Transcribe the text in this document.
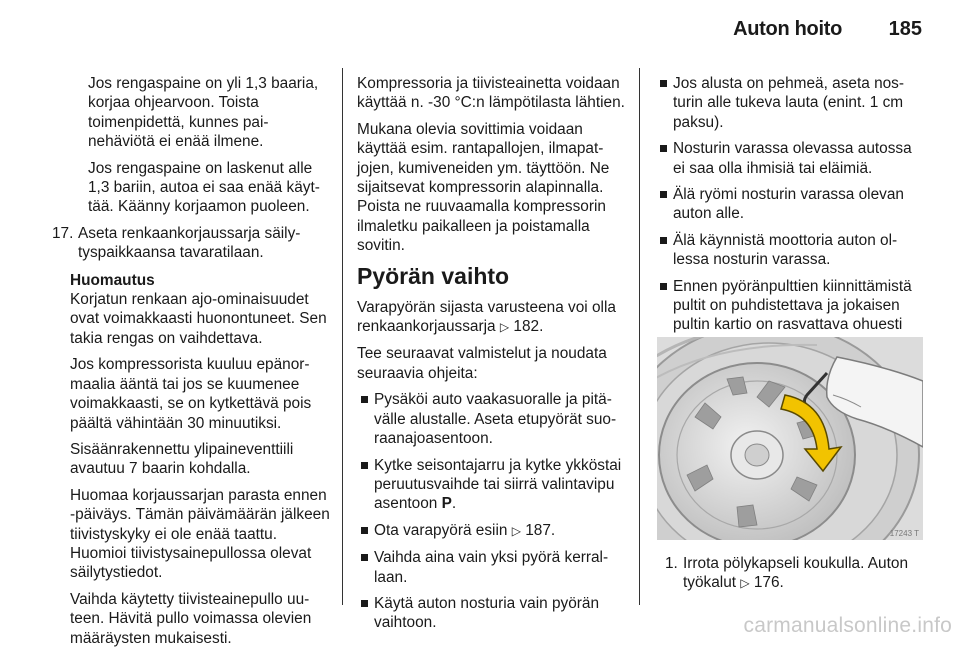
Auton hoito 185

Jos rengaspaine on yli 1,3 baaria, korjaa ohjearvoon. Toista toimenpidettä, kunnes painehäviötä ei enää ilmene.

Jos rengaspaine on laskenut alle 1,3 bariin, autoa ei saa enää käyttää. Käänny korjaamon puoleen.

17. Aseta renkaankorjaussarja säilytyspaikkaansa tavaratilaan.
Huomautus

Korjatun renkaan ajo-ominaisuudet ovat voimakkaasti huonontuneet. Sen takia rengas on vaihdettava.

Jos kompressorista kuuluu epänormaalia ääntä tai jos se kuumenee voimakkaasti, se on kytkettävä pois päältä vähintään 30 minuutiksi.

Sisäänrakennettu ylipaineventtiili avautuu 7 baarin kohdalla.

Huomaa korjaussarjan parasta ennen -päiväys. Tämän päivämäärän jälkeen tiivistyskyky ei ole enää taattu. Huomioi tiivistysainepullossa olevat säilytystiedot.

Vaihda käytetty tiivisteainepullo uuteen. Hävitä pullo voimassa olevien määräysten mukaisesti.

Kompressoria ja tiivisteainetta voidaan käyttää n. -30 °C:n lämpötilasta lähtien.

Mukana olevia sovittimia voidaan käyttää esim. rantapallojen, ilmapatjojen, kumiveneiden ym. täyttöön. Ne sijaitsevat kompressorin alapinnalla. Poista ne ruuvaamalla kompressorin ilmaletku paikalleen ja poistamalla sovitin.

Pyörän vaihto

Varapyörän sijasta varusteena voi olla renkaankorjaussarja ▷ 182.

Tee seuraavat valmistelut ja noudata seuraavia ohjeita:

Pysäköi auto vaakasuoralle ja pitävälle alustalle. Aseta etupyörät suoraanajoasentoon.
Kytke seisontajarru ja kytke ykköstai peruutusvaihde tai siirrä valintavipu asentoon P.
Ota varapyörä esiin ▷ 187.
Vaihda aina vain yksi pyörä kerrallaan.
Käytä auton nosturia vain pyörän vaihtoon.
Jos alusta on pehmeä, aseta nosturin alle tukeva lauta (enint. 1 cm paksu).
Nosturin varassa olevassa autossa ei saa olla ihmisiä tai eläimiä.
Älä ryömi nosturin varassa olevan auton alle.
Älä käynnistä moottoria auton ollessa nosturin varassa.
Ennen pyöränpulttien kiinnittämistä pultit on puhdistettava ja jokaisen pultin kartio on rasvattava ohuesti
17243 T
1. Irrota pölykapseli koukulla. Auton työkalut ▷ 176.
carmanualsonline.info
